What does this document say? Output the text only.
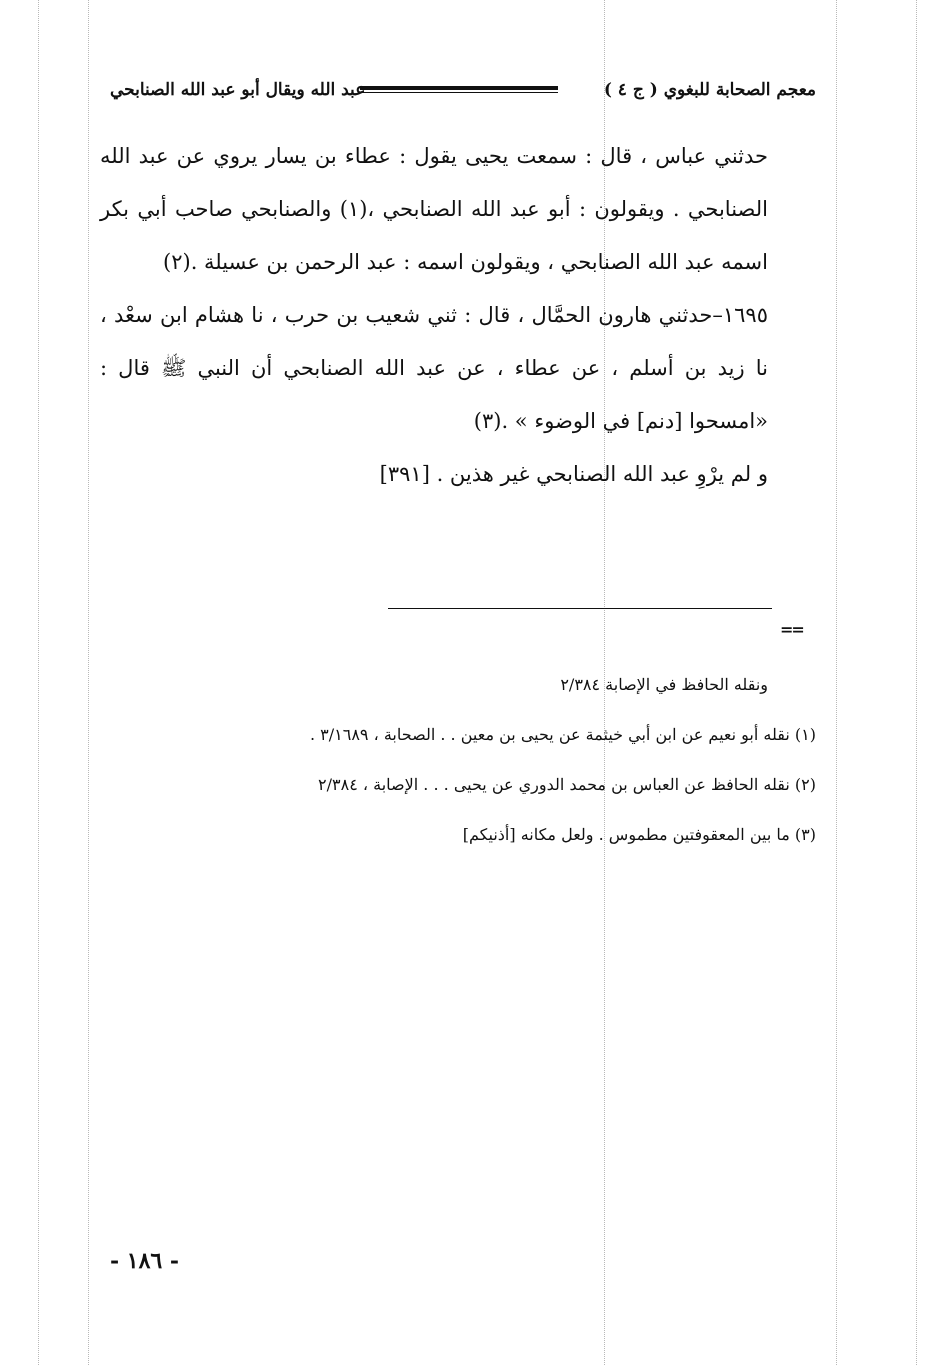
معجم الصحابة للبغوي ( ج ٤ )
عبد الله ويقال أبو عبد الله الصنابحي

حدثني عباس ، قال : سمعت يحيى يقول : عطاء بن يسار يروي عن عبد الله الصنابحي . ويقولون : أبو عبد الله الصنابحي ،(١) والصنابحي صاحب أبي بكر اسمه عبد الله الصنابحي ، ويقولون اسمه : عبد الرحمن بن عسيلة .(٢)

١٦٩٥–حدثني هارون الحمَّال ، قال : ثني شعيب بن حرب ، نا هشام ابن سعْد ، نا زيد بن أسلم ، عن عطاء ، عن عبد الله الصنابحي أن النبي ﷺ قال : «امسحوا [دنم] في الوضوء » .(٣)

و لم يرْوِ عبد الله الصنابحي غير هذين . [٣٩١]

==

ونقله الحافظ في الإصابة ٢/٣٨٤

(١) نقله أبو نعيم عن ابن أبي خيثمة عن يحيى بن معين . . الصحابة ، ٣/١٦٨٩ .

(٢) نقله الحافظ عن العباس بن محمد الدوري عن يحيى . . . الإصابة ، ٢/٣٨٤

(٣) ما بين المعقوفتين مطموس . ولعل مكانه [أذنيكم]

- ١٨٦ -
